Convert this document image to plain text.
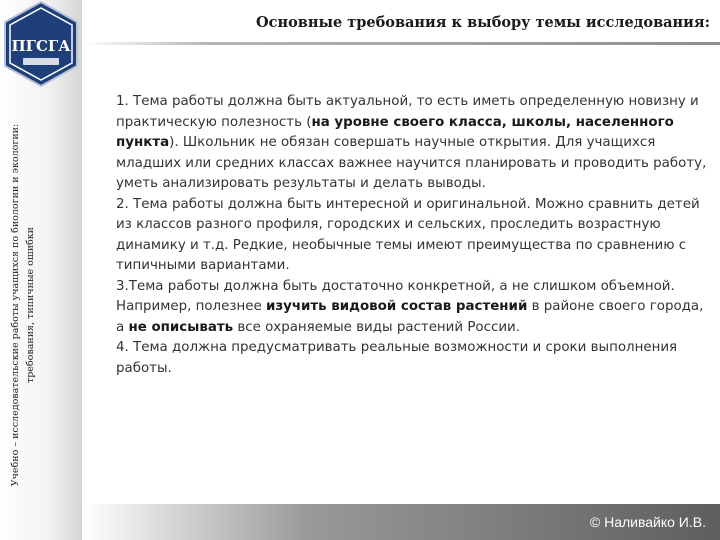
ПГСГА
Учебно – исследовательские работы учащихся по биологии и экологии: требования, типичные ошибки
Основные требования к выбору темы исследования:

1. Тема работы должна быть актуальной, то есть иметь определенную новизну и практическую полезность (на уровне своего класса, школы, населенного пункта). Школьник не обязан совершать научные открытия. Для учащихся младших или средних классах важнее научится планировать и проводить работу, уметь анализировать результаты и делать выводы.

2. Тема работы должна быть интересной и оригинальной. Можно сравнить детей из классов разного профиля, городских и сельских, проследить возрастную динамику и т.д. Редкие, необычные темы имеют преимущества по сравнению с типичными вариантами.

3.Тема работы должна быть достаточно конкретной, а не слишком объемной. Например, полезнее изучить видовой состав растений в районе своего города, а не описывать все охраняемые виды растений России.

4. Тема должна предусматривать реальные возможности и сроки выполнения работы.

© Наливайко И.В.
